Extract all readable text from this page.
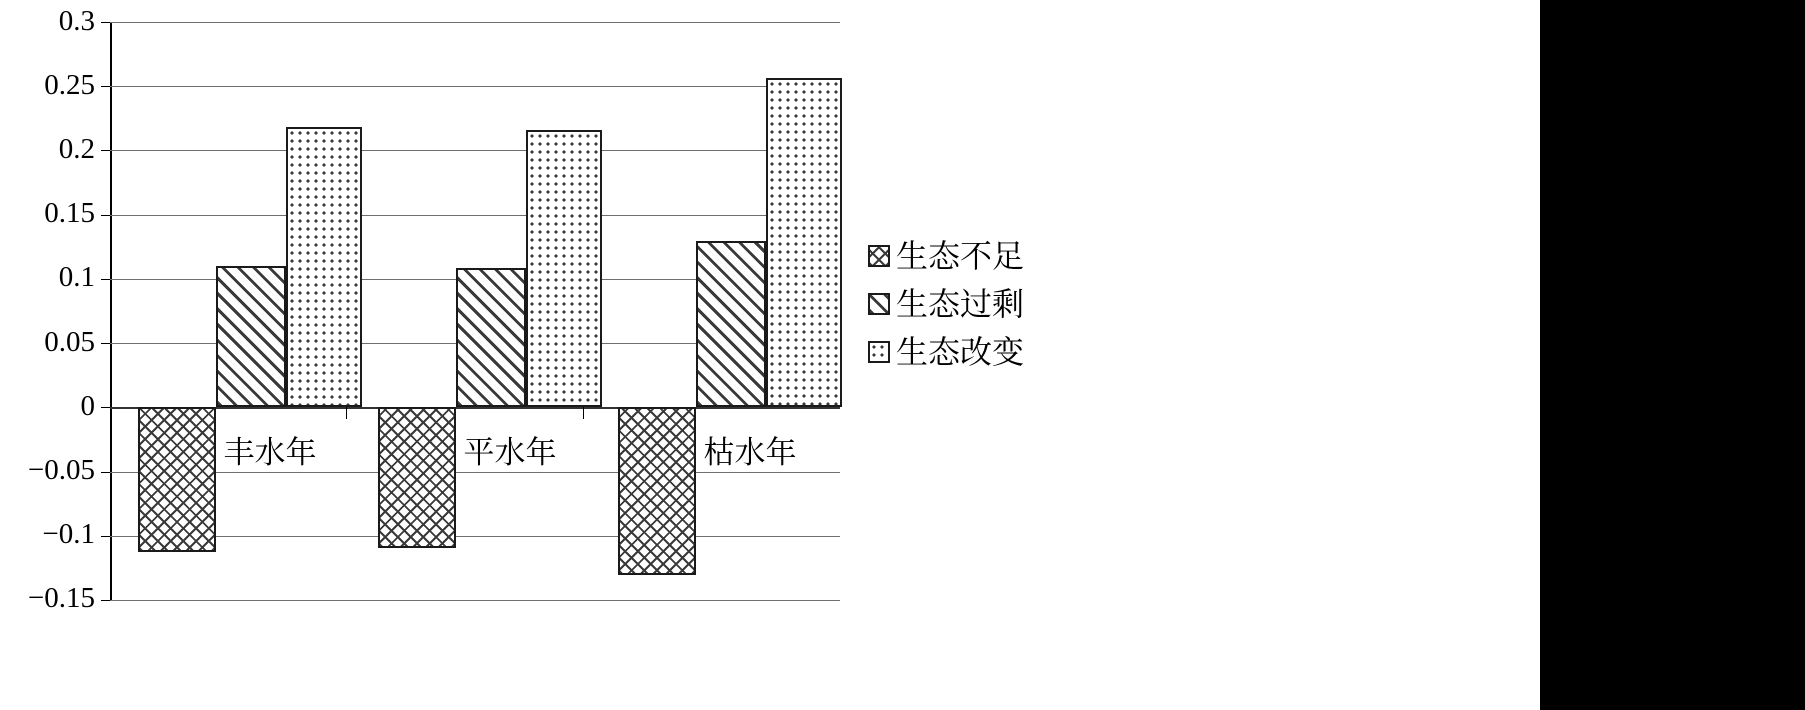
0.3
0.25
0.2
0.15
0.1
0.05
0
−0.05
−0.1
−0.15
丰水年	平水年	枯水年
生态不足
生态过剩
生态改变
